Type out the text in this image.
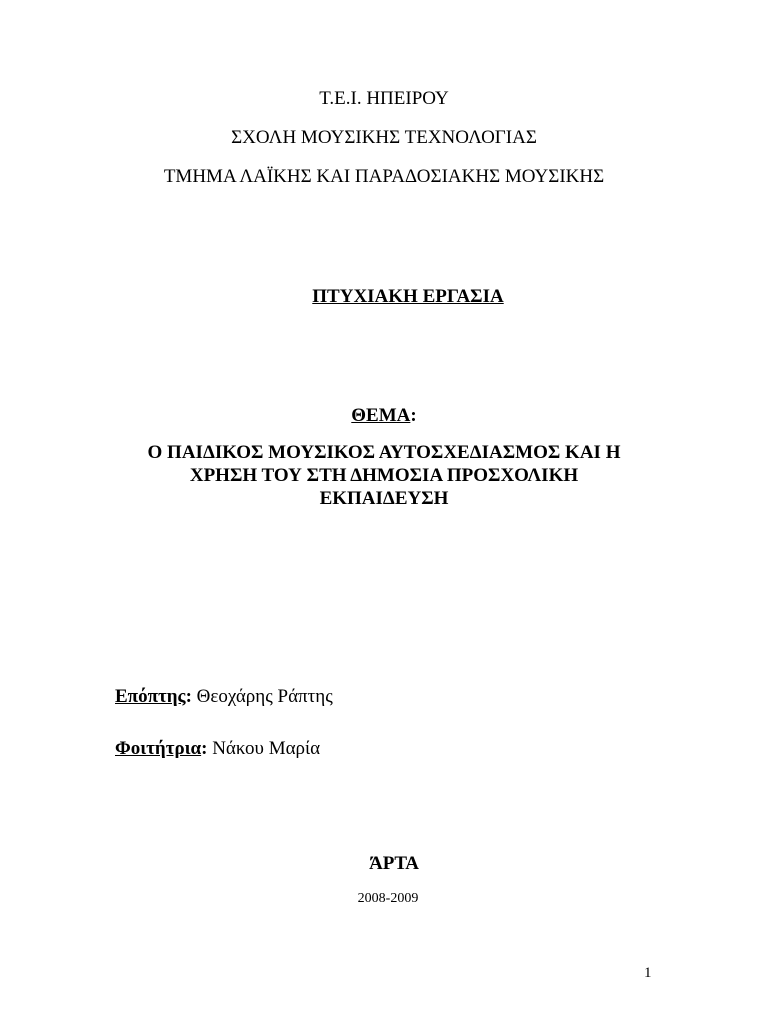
Τ.Ε.Ι. ΗΠΕΙΡΟΥ
ΣΧΟΛΗ ΜΟΥΣΙΚΗΣ ΤΕΧΝΟΛΟΓΙΑΣ
ΤΜΗΜΑ ΛΑΪΚΗΣ ΚΑΙ ΠΑΡΑΔΟΣΙΑΚΗΣ ΜΟΥΣΙΚΗΣ
ΠΤΥΧΙΑΚΗ ΕΡΓΑΣΙΑ
ΘΕΜΑ:
Ο ΠΑΙΔΙΚΟΣ ΜΟΥΣΙΚΟΣ ΑΥΤΟΣΧΕΔΙΑΣΜΟΣ ΚΑΙ Η
ΧΡΗΣΗ ΤΟΥ ΣΤΗ ΔΗΜΟΣΙΑ ΠΡΟΣΧΟΛΙΚΗ
ΕΚΠΑΙΔΕΥΣΗ
Επόπτης: Θεοχάρης Ράπτης
Φοιτήτρια: Νάκου Μαρία
ΆΡΤΑ
2008-2009
1
